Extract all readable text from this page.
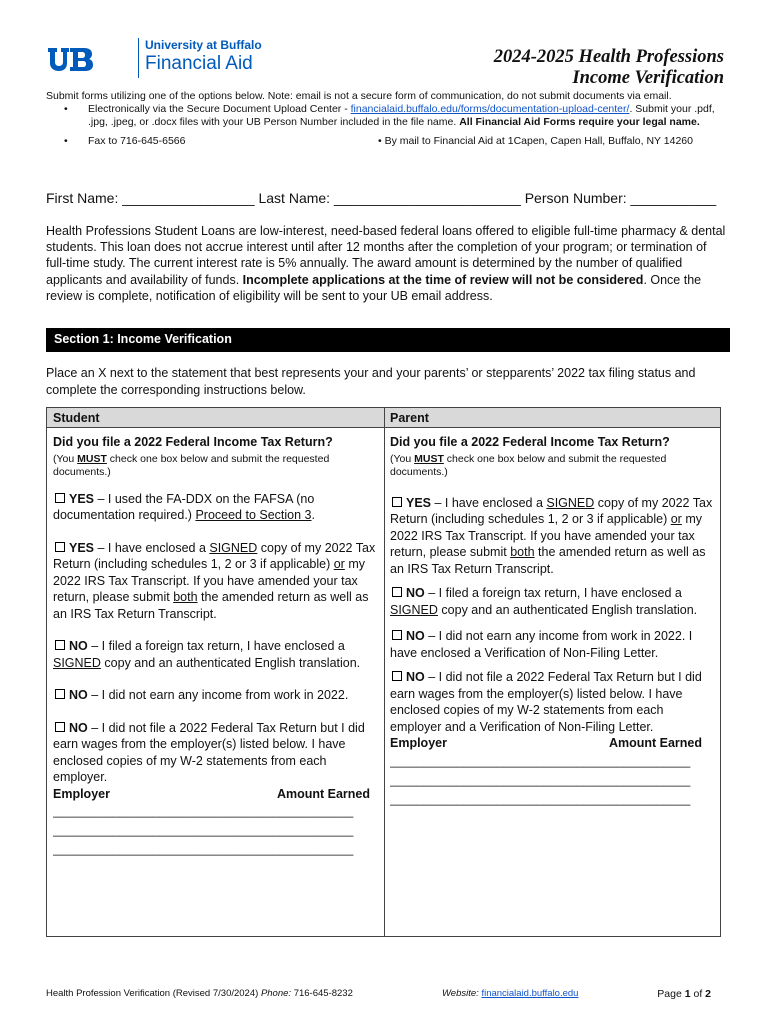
University at Buffalo
Financial Aid	2024-2025 Health Professions
Income Verification
Submit forms utilizing one of the options below. Note: email is not a secure form of communication, do not submit documents via email.
• Electronically via the Secure Document Upload Center - financialaid.buffalo.edu/forms/documentation-upload-center/. Submit your .pdf, .jpg, .jpeg, or .docx files with your UB Person Number included in the file name. All Financial Aid Forms require your legal name.
• Fax to 716-645-6566	• By mail to Financial Aid at 1Capen, Capen Hall, Buffalo, NY 14260
First Name: _________________ Last Name: ________________________ Person Number: ___________
Health Professions Student Loans are low-interest, need-based federal loans offered to eligible full-time pharmacy & dental students. This loan does not accrue interest until after 12 months after the completion of your program; or termination of full-time study. The current interest rate is 5% annually. The award amount is determined by the number of qualified applicants and availability of funds. Incomplete applications at the time of review will not be considered. Once the review is complete, notification of eligibility will be sent to your UB email address.
Section 1: Income Verification
Place an X next to the statement that best represents your and your parents’ or stepparents’ 2022 tax filing status and complete the corresponding instructions below.
Student	Parent
Did you file a 2022 Federal Income Tax Return?
(You MUST check one box below and submit the requested documents.)
YES – I used the FA-DDX on the FAFSA (no documentation required.) Proceed to Section 3.
YES – I have enclosed a SIGNED copy of my 2022 Tax Return (including schedules 1, 2 or 3 if applicable) or my 2022 IRS Tax Transcript. If you have amended your tax return, please submit both the amended return as well as an IRS Tax Return Transcript.
NO – I filed a foreign tax return, I have enclosed a SIGNED copy and an authenticated English translation.
NO – I did not earn any income from work in 2022.
NO – I did not file a 2022 Federal Tax Return but I did earn wages from the employer(s) listed below. I have enclosed copies of my W-2 statements from each employer.
Employer	Amount Earned
_____________________________________________
_____________________________________________
_____________________________________________
Did you file a 2022 Federal Income Tax Return?
(You MUST check one box below and submit the requested documents.)
YES – I have enclosed a SIGNED copy of my 2022 Tax Return (including schedules 1, 2 or 3 if applicable) or my 2022 IRS Tax Transcript. If you have amended your tax return, please submit both the amended return as well as an IRS Tax Return Transcript.
NO – I filed a foreign tax return, I have enclosed a SIGNED copy and an authenticated English translation.
NO – I did not earn any income from work in 2022. I have enclosed a Verification of Non-Filing Letter.
NO – I did not file a 2022 Federal Tax Return but I did earn wages from the employer(s) listed below. I have enclosed copies of my W-2 statements from each employer and a Verification of Non-Filing Letter.
Employer	Amount Earned
_____________________________________________
_____________________________________________
_____________________________________________
Health Profession Verification (Revised 7/30/2024) Phone: 716-645-8232	Website: financialaid.buffalo.edu	Page 1 of 2
